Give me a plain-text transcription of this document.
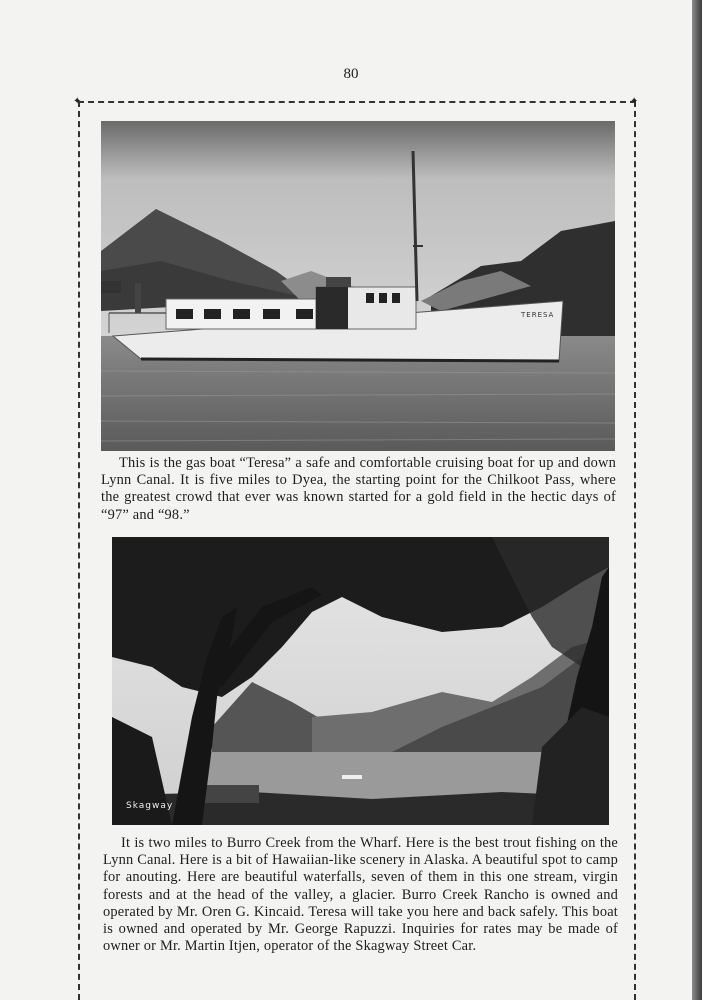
80
✦	✦
TERESA

This is the gas boat “Teresa” a safe and comfortable cruising boat for up and down Lynn Canal. It is five miles to Dyea, the starting point for the Chilkoot Pass, where the greatest crowd that ever was known started for a gold field in the hectic days of “97” and “98.”

Skagway

It is two miles to Burro Creek from the Wharf. Here is the best trout fishing on the Lynn Canal. Here is a bit of Hawaiian-like scenery in Alaska. A beautiful spot to camp for anouting. Here are beautiful waterfalls, seven of them in this one stream, virgin forests and at the head of the valley, a glacier. Burro Creek Rancho is owned and operated by Mr. Oren G. Kincaid. Teresa will take you here and back safely. This boat is owned and operated by Mr. George Rapuzzi. Inquiries for rates may be made of owner or Mr. Martin Itjen, operator of the Skagway Street Car.
